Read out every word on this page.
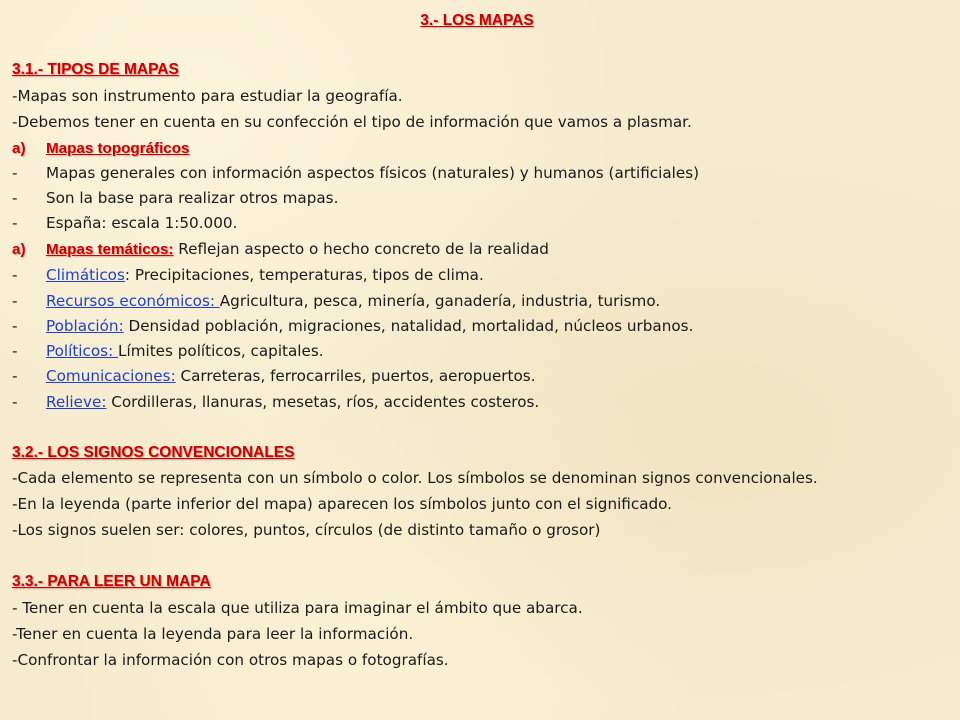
3.- LOS MAPAS
3.1.- TIPOS DE MAPAS
-Mapas son instrumento para estudiar la geografía.
-Debemos tener en cuenta en su confección el tipo de información que vamos a plasmar.
a) Mapas topográficos
- Mapas generales con información aspectos físicos (naturales) y humanos (artificiales)
- Son la base para realizar otros mapas.
- España: escala 1:50.000.
a) Mapas temáticos: Reflejan aspecto o hecho concreto de la realidad
- Climáticos: Precipitaciones, temperaturas, tipos de clima.
- Recursos económicos: Agricultura, pesca, minería, ganadería, industria, turismo.
- Población: Densidad población, migraciones, natalidad, mortalidad, núcleos urbanos.
- Políticos: Límites políticos, capitales.
- Comunicaciones: Carreteras, ferrocarriles, puertos, aeropuertos.
- Relieve: Cordilleras, llanuras, mesetas, ríos, accidentes costeros.
3.2.- LOS SIGNOS CONVENCIONALES
-Cada elemento se representa con un símbolo o color. Los símbolos se denominan signos convencionales.
-En la leyenda (parte inferior del mapa) aparecen los símbolos junto con el significado.
-Los signos suelen ser: colores, puntos, círculos (de distinto tamaño o grosor)
3.3.- PARA LEER UN MAPA
- Tener en cuenta la escala que utiliza para imaginar el ámbito que abarca.
-Tener en cuenta la leyenda para leer la información.
-Confrontar la información con otros mapas o fotografías.
